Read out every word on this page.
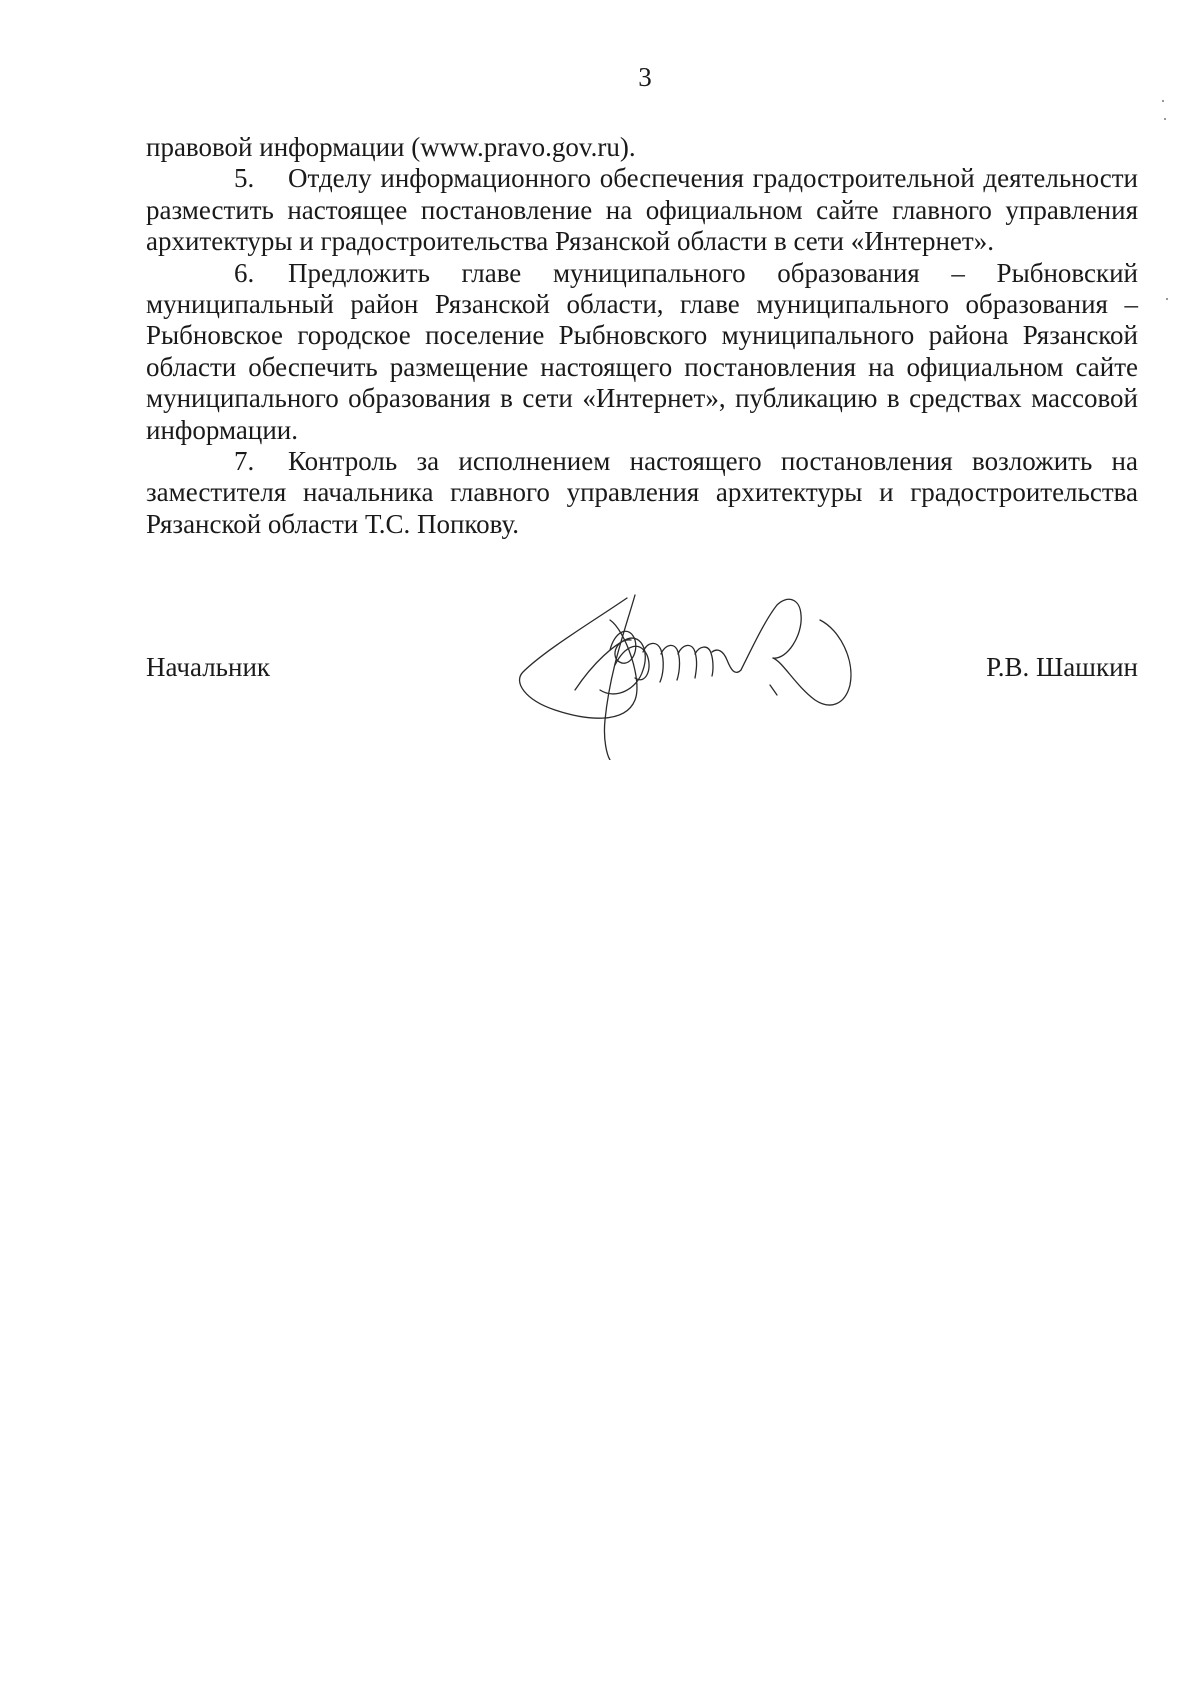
3

правовой информации (www.pravo.gov.ru).

5. Отделу информационного обеспечения градостроительной деятельности разместить настоящее постановление на официальном сайте главного управления архитектуры и градостроительства Рязанской области в сети «Интернет».

6. Предложить главе муниципального образования – Рыбновский муниципальный район Рязанской области, главе муниципального образования – Рыбновское городское поселение Рыбновского муниципального района Рязанской области обеспечить размещение настоящего постановления на официальном сайте муниципального образования в сети «Интернет», публикацию в средствах массовой информации.

7. Контроль за исполнением настоящего постановления возложить на заместителя начальника главного управления архитектуры и градостроительства Рязанской области Т.С. Попкову.

Начальник	Р.В. Шашкин
